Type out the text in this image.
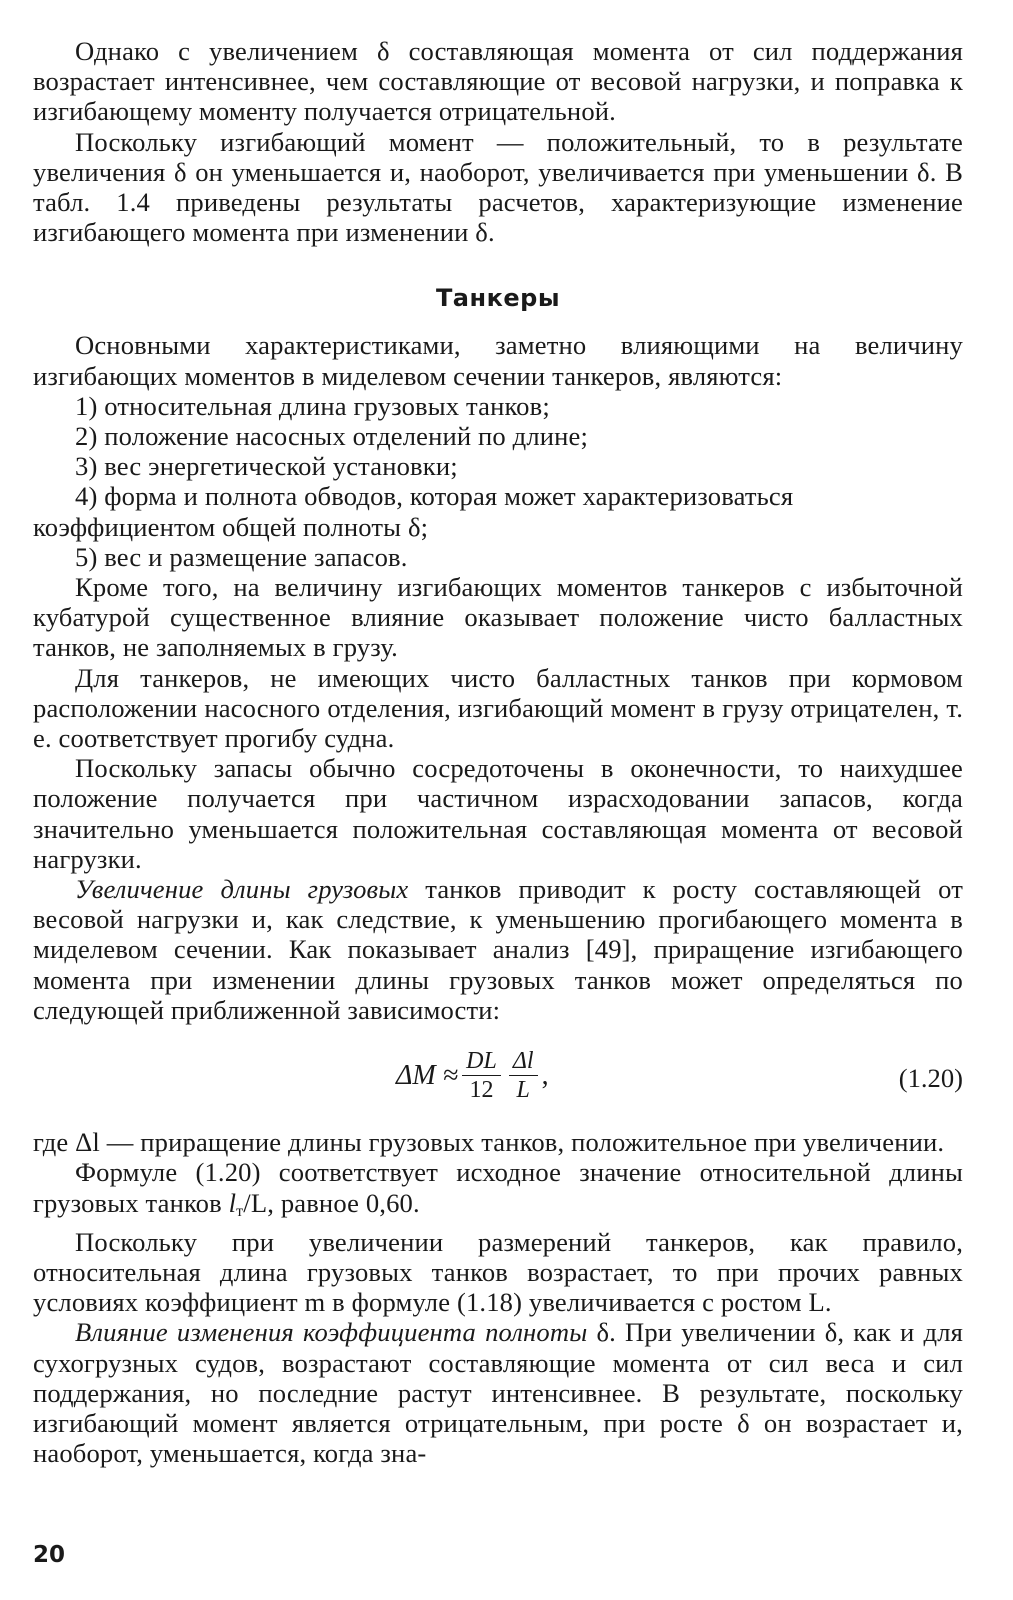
Однако с увеличением δ составляющая момента от сил поддержания возрастает интенсивнее, чем составляющие от весовой нагрузки, и поправка к изгибающему моменту получается отрицательной.

Поскольку изгибающий момент — положительный, то в результате увеличения δ он уменьшается и, наоборот, увеличивается при уменьшении δ. В табл. 1.4 приведены результаты расчетов, характеризующие изменение изгибающего момента при изменении δ.

Танкеры

Основными характеристиками, заметно влияющими на величину изгибающих моментов в миделевом сечении танкеров, являются:

1) относительная длина грузовых танков;

2) положение насосных отделений по длине;

3) вес энергетической установки;

4) форма и полнота обводов, которая может характеризоваться

коэффициентом общей полноты δ;

5) вес и размещение запасов.

Кроме того, на величину изгибающих моментов танкеров с избыточной кубатурой существенное влияние оказывает положение чисто балластных танков, не заполняемых в грузу.

Для танкеров, не имеющих чисто балластных танков при кормовом расположении насосного отделения, изгибающий момент в грузу отрицателен, т. е. соответствует прогибу судна.

Поскольку запасы обычно сосредоточены в оконечности, то наихудшее положение получается при частичном израсходовании запасов, когда значительно уменьшается положительная составляющая момента от весовой нагрузки.

Увеличение длины грузовых танков приводит к росту составляющей от весовой нагрузки и, как следствие, к уменьшению прогибающего момента в миделевом сечении. Как показывает анализ [49], приращение изгибающего момента при изменении длины грузовых танков может определяться по следующей приближенной зависимости:

$\Delta M \approx \frac{DL}{12} \frac{\Delta l}{L}$ ,	(1.20)

где Δl — приращение длины грузовых танков, положительное при увеличении.

Формуле (1.20) соответствует исходное значение относительной длины грузовых танков $l_т/L$, равное 0,60.

Поскольку при увеличении размерений танкеров, как правило, относительная длина грузовых танков возрастает, то при прочих равных условиях коэффициент m в формуле (1.18) увеличивается с ростом L.

Влияние изменения коэффициента полноты δ. При увеличении δ, как и для сухогрузных судов, возрастают составляющие момента от сил веса и сил поддержания, но последние растут интенсивнее. В результате, поскольку изгибающий момент является отрицательным, при росте δ он возрастает и, наоборот, уменьшается, когда зна-

20
